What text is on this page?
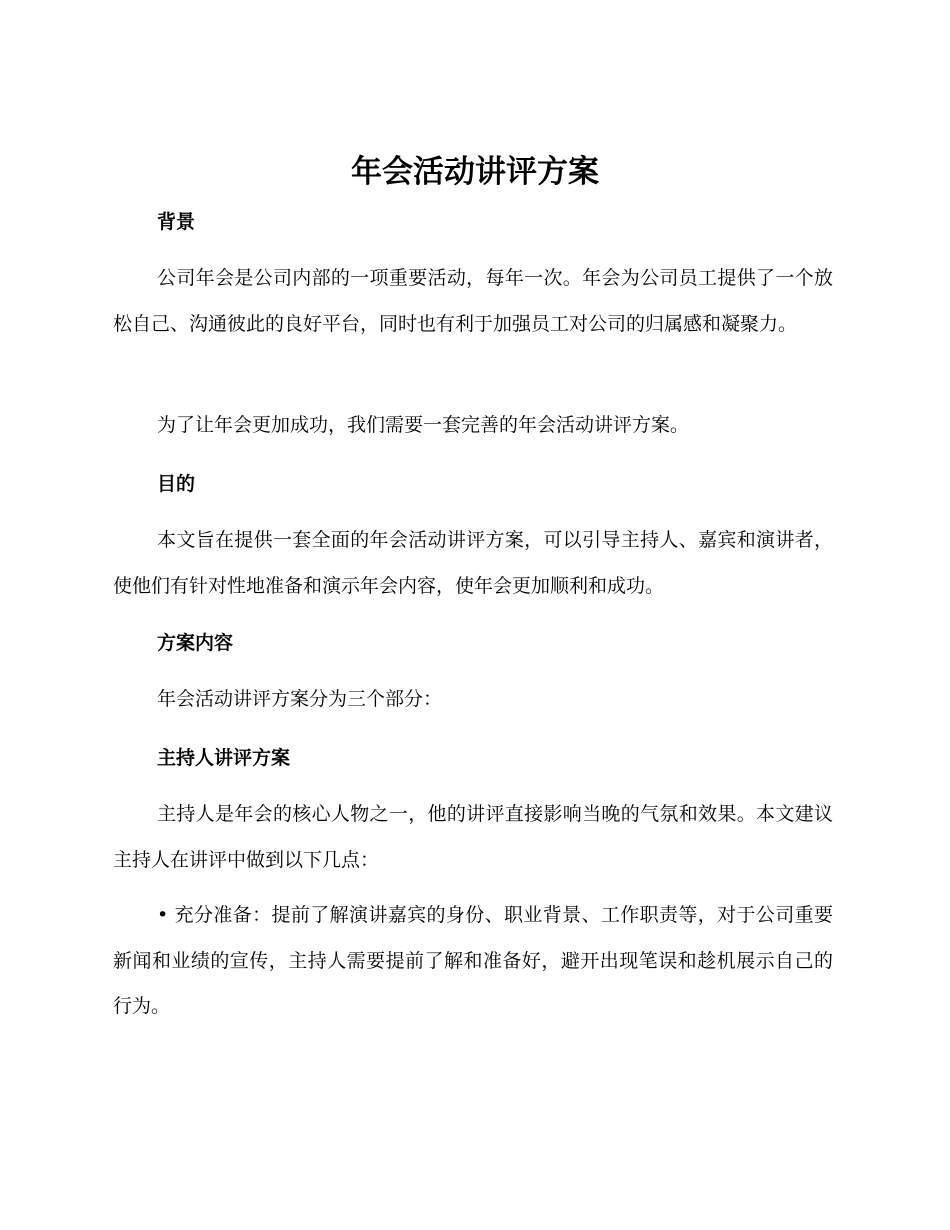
年会活动讲评方案
背景

公司年会是公司内部的一项重要活动，每年一次。年会为公司员工提供了一个放松自己、沟通彼此的良好平台，同时也有利于加强员工对公司的归属感和凝聚力。

为了让年会更加成功，我们需要一套完善的年会活动讲评方案。

目的

本文旨在提供一套全面的年会活动讲评方案，可以引导主持人、嘉宾和演讲者，使他们有针对性地准备和演示年会内容，使年会更加顺利和成功。

方案内容

年会活动讲评方案分为三个部分：

主持人讲评方案

主持人是年会的核心人物之一，他的讲评直接影响当晚的气氛和效果。本文建议主持人在讲评中做到以下几点：

• 充分准备：提前了解演讲嘉宾的身份、职业背景、工作职责等，对于公司重要新闻和业绩的宣传，主持人需要提前了解和准备好，避开出现笔误和趁机展示自己的行为。
